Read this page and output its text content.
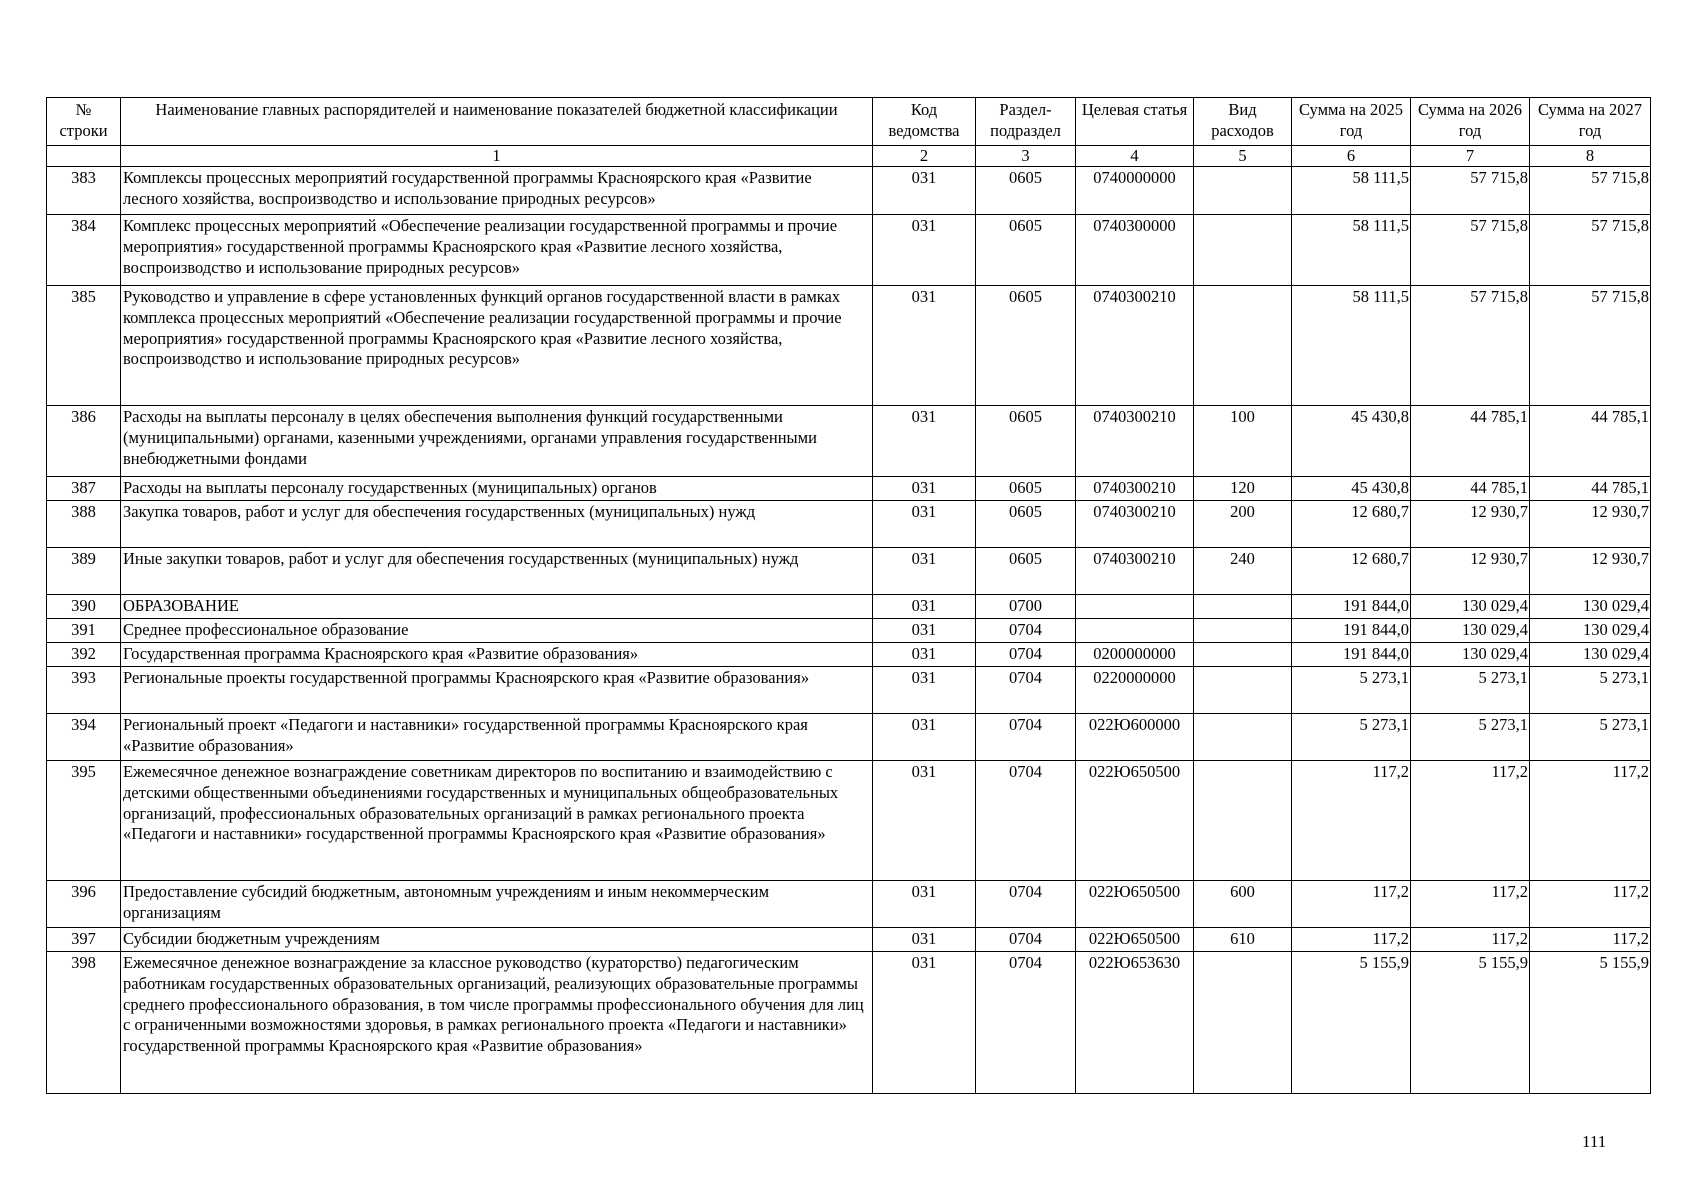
№ строки	Наименование главных распорядителей и наименование показателей бюджетной классификации	Код ведомства	Раздел-подраздел	Целевая статья	Вид расходов	Сумма на 2025 год	Сумма на 2026 год	Сумма на 2027 год
	1	2	3	4	5	6	7	8
383	Комплексы процессных мероприятий государственной программы Красноярского края «Развитие лесного хозяйства, воспроизводство и использование природных ресурсов»	031	0605	0740000000		58 111,5	57 715,8	57 715,8
384	Комплекс процессных мероприятий «Обеспечение реализации государственной программы и прочие мероприятия» государственной программы Красноярского края «Развитие лесного хозяйства, воспроизводство и использование природных ресурсов»	031	0605	0740300000		58 111,5	57 715,8	57 715,8
385	Руководство и управление в сфере установленных функций органов государственной власти в рамках комплекса процессных мероприятий «Обеспечение реализации государственной программы и прочие мероприятия» государственной программы Красноярского края «Развитие лесного хозяйства, воспроизводство и использование природных ресурсов»	031	0605	0740300210		58 111,5	57 715,8	57 715,8
386	Расходы на выплаты персоналу в целях обеспечения выполнения функций государственными (муниципальными) органами, казенными учреждениями, органами управления государственными внебюджетными фондами	031	0605	0740300210	100	45 430,8	44 785,1	44 785,1
387	Расходы на выплаты персоналу государственных (муниципальных) органов	031	0605	0740300210	120	45 430,8	44 785,1	44 785,1
388	Закупка товаров, работ и услуг для обеспечения государственных (муниципальных) нужд	031	0605	0740300210	200	12 680,7	12 930,7	12 930,7
389	Иные закупки товаров, работ и услуг для обеспечения государственных (муниципальных) нужд	031	0605	0740300210	240	12 680,7	12 930,7	12 930,7
390	ОБРАЗОВАНИЕ	031	0700			191 844,0	130 029,4	130 029,4
391	Среднее профессиональное образование	031	0704			191 844,0	130 029,4	130 029,4
392	Государственная программа Красноярского края «Развитие образования»	031	0704	0200000000		191 844,0	130 029,4	130 029,4
393	Региональные проекты государственной программы Красноярского края «Развитие образования»	031	0704	0220000000		5 273,1	5 273,1	5 273,1
394	Региональный проект «Педагоги и наставники» государственной программы Красноярского края «Развитие образования»	031	0704	022Ю600000		5 273,1	5 273,1	5 273,1
395	Ежемесячное денежное вознаграждение советникам директоров по воспитанию и взаимодействию с детскими общественными объединениями государственных и муниципальных общеобразовательных организаций, профессиональных образовательных организаций в рамках регионального проекта «Педагоги и наставники» государственной программы Красноярского края «Развитие образования»	031	0704	022Ю650500		117,2	117,2	117,2
396	Предоставление субсидий бюджетным, автономным учреждениям и иным некоммерческим организациям	031	0704	022Ю650500	600	117,2	117,2	117,2
397	Субсидии бюджетным учреждениям	031	0704	022Ю650500	610	117,2	117,2	117,2
398	Ежемесячное денежное вознаграждение за классное руководство (кураторство) педагогическим работникам государственных образовательных организаций, реализующих образовательные программы среднего профессионального образования, в том числе программы профессионального обучения для лиц с ограниченными возможностями здоровья, в рамках регионального проекта «Педагоги и наставники» государственной программы Красноярского края «Развитие образования»	031	0704	022Ю653630		5 155,9	5 155,9	5 155,9
111
